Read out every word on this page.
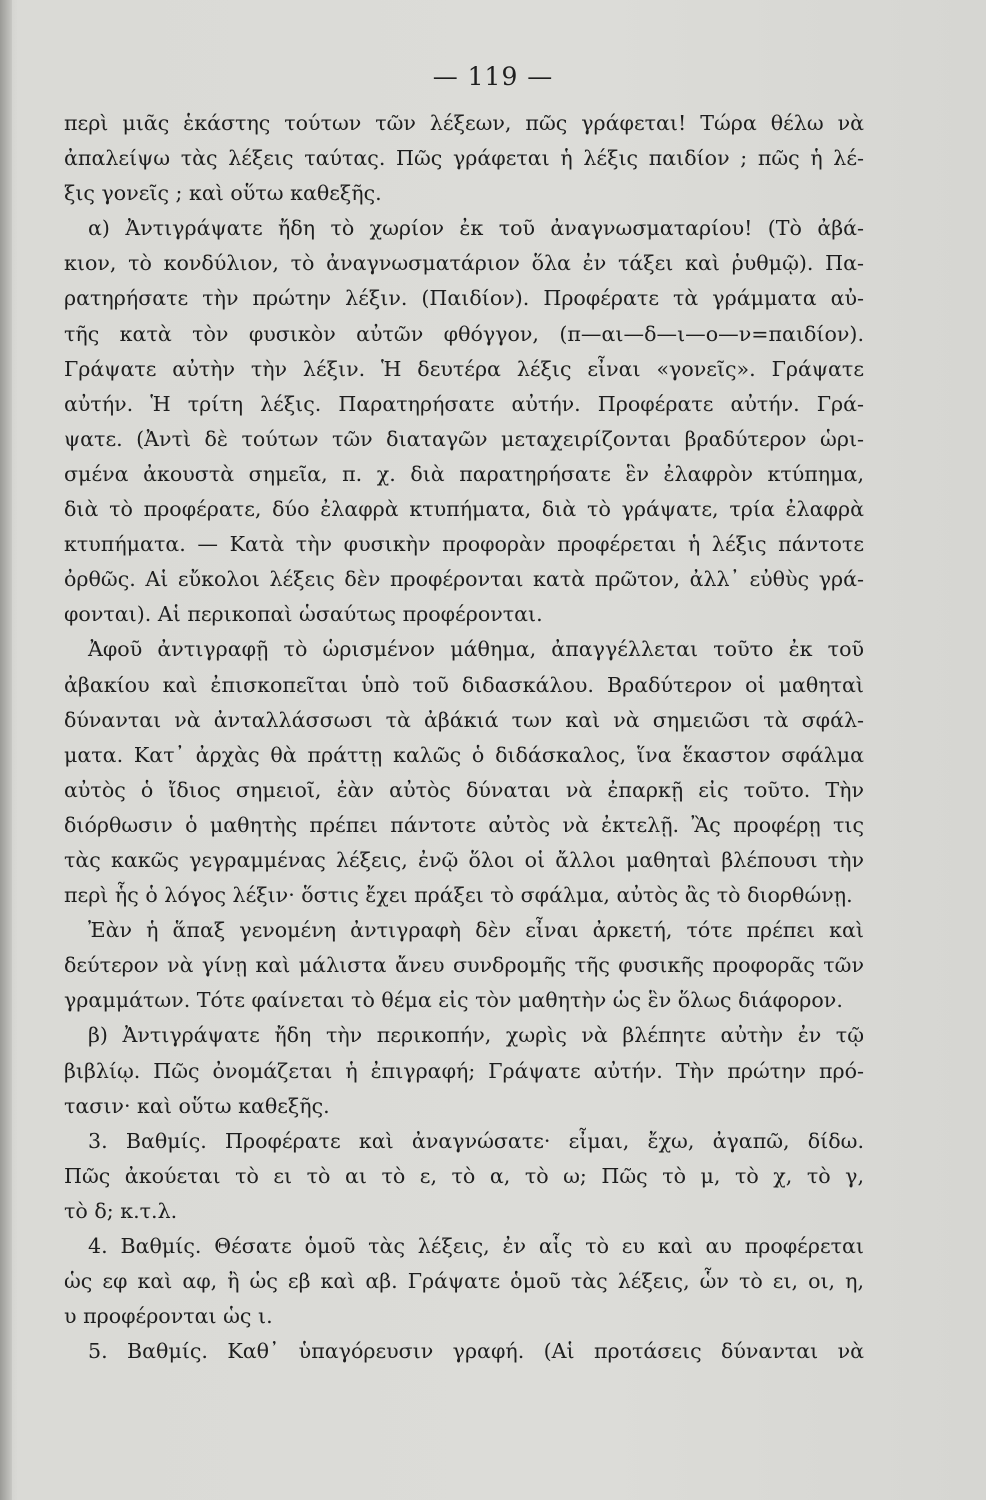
— 119 —
περὶ μιᾶς ἑκάστης τούτων τῶν λέξεων, πῶς γράφεται! Τώρα θέλω νὰ
ἀπαλείψω τὰς λέξεις ταύτας. Πῶς γράφεται ἡ λέξις παιδίον ; πῶς ἡ λέ-
ξις γονεῖς ; καὶ οὕτω καθεξῆς.
α) Ἀντιγράψατε ἤδη τὸ χωρίον ἐκ τοῦ ἀναγνωσματαρίου! (Τὸ ἀβά-
κιον, τὸ κονδύλιον, τὸ ἀναγνωσματάριον ὅλα ἐν τάξει καὶ ῥυθμῷ). Πα-
ρατηρήσατε τὴν πρώτην λέξιν. (Παιδίον). Προφέρατε τὰ γράμματα αὐ-
τῆς κατὰ τὸν φυσικὸν αὐτῶν φθόγγον, (π—αι—δ—ι—ο—ν=παιδίον).
Γράψατε αὐτὴν τὴν λέξιν. Ἡ δευτέρα λέξις εἶναι «γονεῖς». Γράψατε
αὐτήν. Ἡ τρίτη λέξις. Παρατηρήσατε αὐτήν. Προφέρατε αὐτήν. Γρά-
ψατε. (Ἀντὶ δὲ τούτων τῶν διαταγῶν μεταχειρίζονται βραδύτερον ὡρι-
σμένα ἀκουστὰ σημεῖα, π. χ. διὰ παρατηρήσατε ἓν ἐλαφρὸν κτύπημα,
διὰ τὸ προφέρατε, δύο ἐλαφρὰ κτυπήματα, διὰ τὸ γράψατε, τρία ἐλαφρὰ
κτυπήματα. — Κατὰ τὴν φυσικὴν προφορὰν προφέρεται ἡ λέξις πάντοτε
ὀρθῶς. Αἱ εὔκολοι λέξεις δὲν προφέρονται κατὰ πρῶτον, ἀλλ᾽ εὐθὺς γρά-
φονται). Αἱ περικοπαὶ ὡσαύτως προφέρονται.
Ἀφοῦ ἀντιγραφῇ τὸ ὡρισμένον μάθημα, ἀπαγγέλλεται τοῦτο ἐκ τοῦ
ἀβακίου καὶ ἐπισκοπεῖται ὑπὸ τοῦ διδασκάλου. Βραδύτερον οἱ μαθηταὶ
δύνανται νὰ ἀνταλλάσσωσι τὰ ἀβάκιά των καὶ νὰ σημειῶσι τὰ σφάλ-
ματα. Κατ᾽ ἀρχὰς θὰ πράττῃ καλῶς ὁ διδάσκαλος, ἵνα ἕκαστον σφάλμα
αὐτὸς ὁ ἴδιος σημειοῖ, ἐὰν αὐτὸς δύναται νὰ ἐπαρκῇ εἰς τοῦτο. Τὴν
διόρθωσιν ὁ μαθητὴς πρέπει πάντοτε αὐτὸς νὰ ἐκτελῇ. Ἂς προφέρῃ τις
τὰς κακῶς γεγραμμένας λέξεις, ἐνῷ ὅλοι οἱ ἄλλοι μαθηταὶ βλέπουσι τὴν
περὶ ἧς ὁ λόγος λέξιν· ὅστις ἔχει πράξει τὸ σφάλμα, αὐτὸς ἂς τὸ διορθώνῃ.
Ἐὰν ἡ ἅπαξ γενομένη ἀντιγραφὴ δὲν εἶναι ἀρκετή, τότε πρέπει καὶ
δεύτερον νὰ γίνῃ καὶ μάλιστα ἄνευ συνδρομῆς τῆς φυσικῆς προφορᾶς τῶν
γραμμάτων. Τότε φαίνεται τὸ θέμα εἰς τὸν μαθητὴν ὡς ἓν ὅλως διάφορον.
β) Ἀντιγράψατε ἤδη τὴν περικοπήν, χωρὶς νὰ βλέπητε αὐτὴν ἐν τῷ
βιβλίῳ. Πῶς ὀνομάζεται ἡ ἐπιγραφή; Γράψατε αὐτήν. Τὴν πρώτην πρό-
τασιν· καὶ οὕτω καθεξῆς.
3. Βαθμίς. Προφέρατε καὶ ἀναγνώσατε· εἶμαι, ἔχω, ἀγαπῶ, δίδω.
Πῶς ἀκούεται τὸ ει τὸ αι τὸ ε, τὸ α, τὸ ω; Πῶς τὸ μ, τὸ χ, τὸ γ,
τὸ δ; κ.τ.λ.
4. Βαθμίς. Θέσατε ὁμοῦ τὰς λέξεις, ἐν αἷς τὸ ευ καὶ αυ προφέρεται
ὡς εφ καὶ αφ, ἢ ὡς εβ καὶ αβ. Γράψατε ὁμοῦ τὰς λέξεις, ὧν τὸ ει, οι, η,
υ προφέρονται ὡς ι.
5. Βαθμίς. Καθ᾽ ὑπαγόρευσιν γραφή. (Αἱ προτάσεις δύνανται νὰ
